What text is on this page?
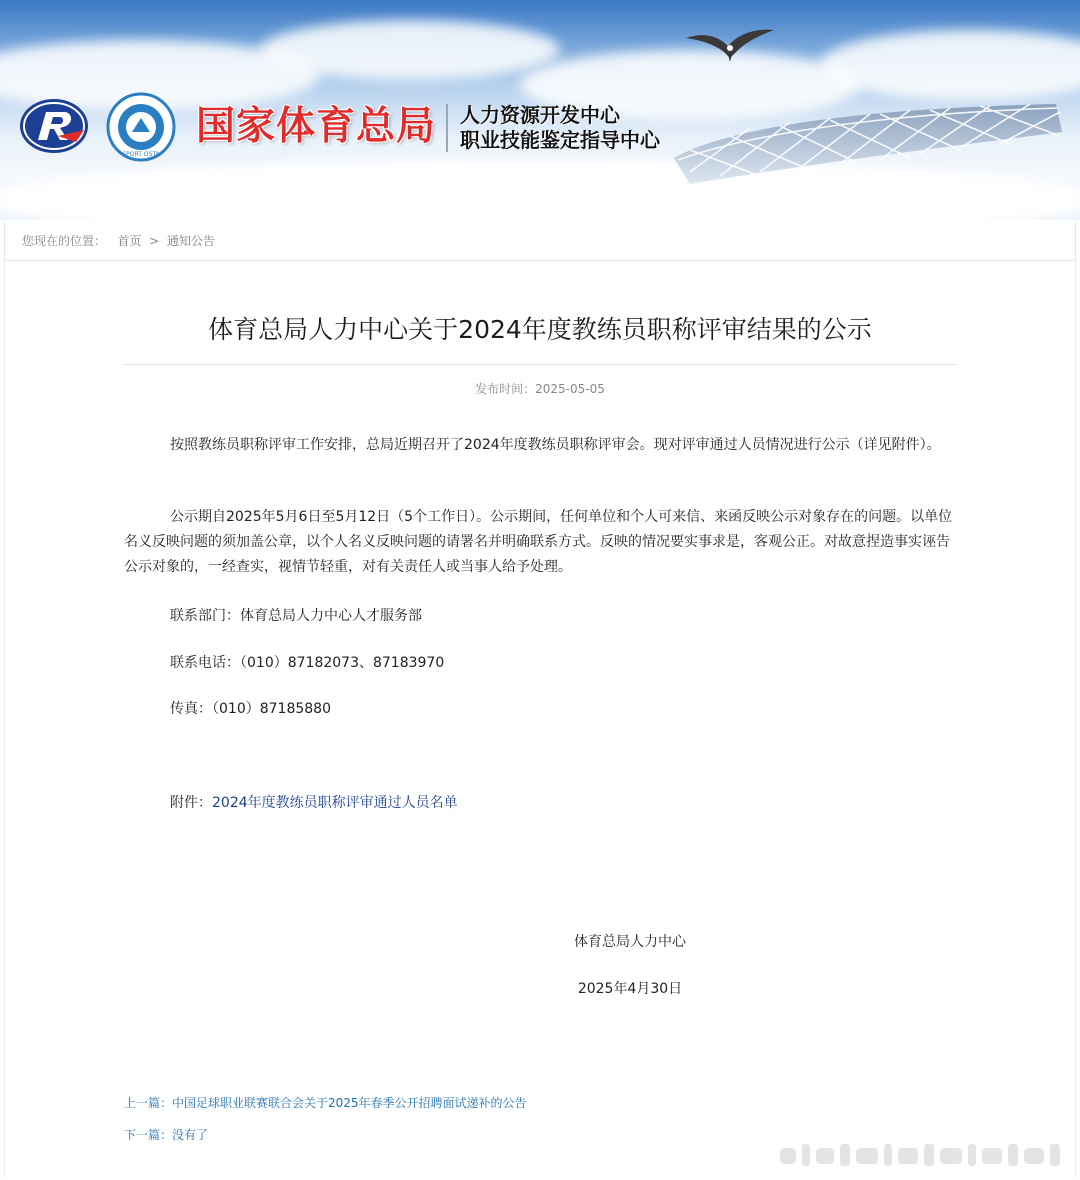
SPORT OSTA
国家体育总局 人力资源开发中心
职业技能鉴定指导中心
您现在的位置： 首页 > 通知公告
体育总局人力中心关于2024年度教练员职称评审结果的公示
发布时间：2025-05-05
按照教练员职称评审工作安排，总局近期召开了2024年度教练员职称评审会。现对评审通过人员情况进行公示（详见附件）。
公示期自2025年5月6日至5月12日（5个工作日）。公示期间，任何单位和个人可来信、来函反映公示对象存在的问题。以单位名义反映问题的须加盖公章，以个人名义反映问题的请署名并明确联系方式。反映的情况要实事求是，客观公正。对故意捏造事实诬告公示对象的，一经查实，视情节轻重，对有关责任人或当事人给予处理。
联系部门：体育总局人力中心人才服务部
联系电话：（010）87182073、87183970
传真：（010）87185880
附件：2024年度教练员职称评审通过人员名单
体育总局人力中心
2025年4月30日
上一篇：中国足球职业联赛联合会关于2025年春季公开招聘面试递补的公告
下一篇：没有了
